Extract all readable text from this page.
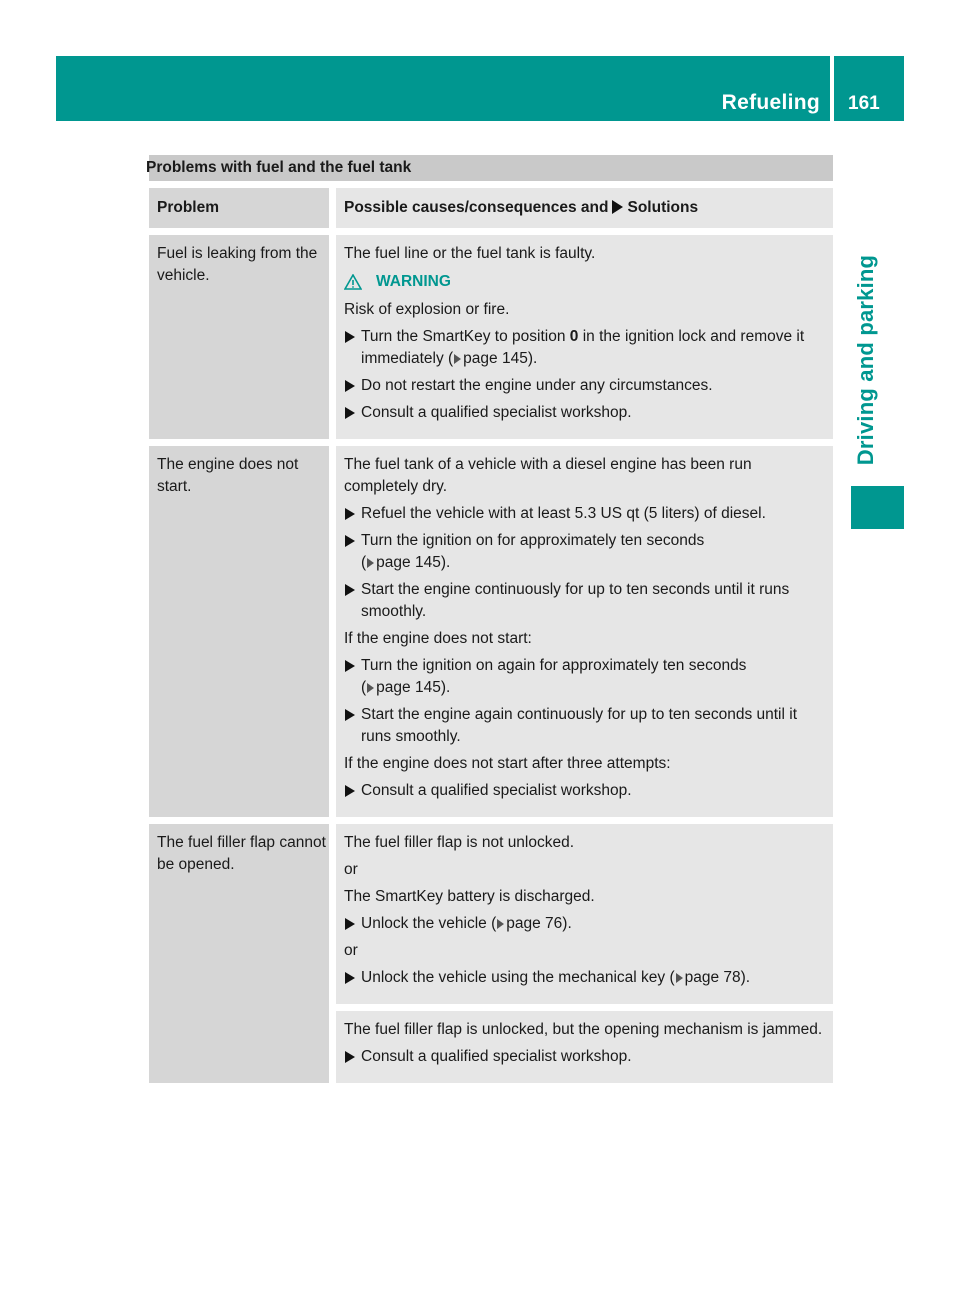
Refueling 161
Driving and parking
Problems with fuel and the fuel tank
Problem	Possible causes/consequences and Solutions
Fuel is leaking from the vehicle.

The fuel line or the fuel tank is faulty.

WARNING

Risk of explosion or fire.

Turn the SmartKey to position 0 in the ignition lock and remove it immediately ( page 145).

Do not restart the engine under any circumstances.

Consult a qualified specialist workshop.

The engine does not start.

The fuel tank of a vehicle with a diesel engine has been run completely dry.

Refuel the vehicle with at least 5.3 US qt (5 liters) of diesel.

Turn the ignition on for approximately ten seconds
( page 145).

Start the engine continuously for up to ten seconds until it runs smoothly.

If the engine does not start:

Turn the ignition on again for approximately ten seconds
( page 145).

Start the engine again continuously for up to ten seconds until it runs smoothly.

If the engine does not start after three attempts:

Consult a qualified specialist workshop.

The fuel filler flap cannot be opened.

The fuel filler flap is not unlocked.

or

The SmartKey battery is discharged.

Unlock the vehicle ( page 76).

or

Unlock the vehicle using the mechanical key ( page 78).

The fuel filler flap is unlocked, but the opening mechanism is jammed.

Consult a qualified specialist workshop.
